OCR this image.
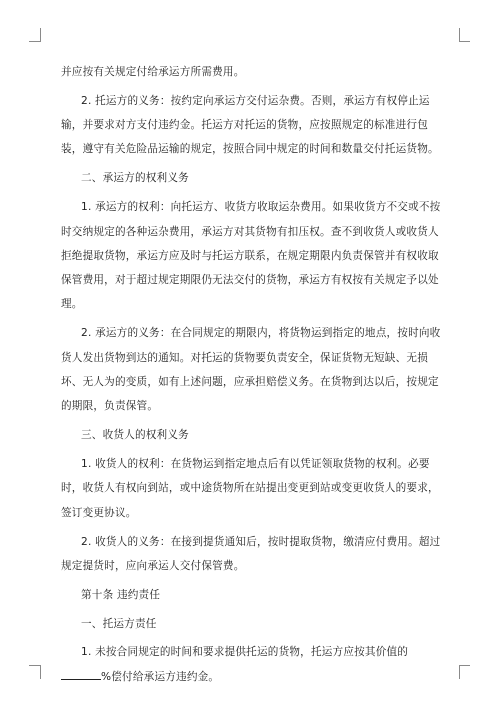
并应按有关规定付给承运方所需费用。

2. 托运方的义务：按约定向承运方交付运杂费。否则，承运方有权停止运输，并要求对方支付违约金。托运方对托运的货物，应按照规定的标准进行包装，遵守有关危险品运输的规定，按照合同中规定的时间和数量交付托运货物。

二、承运方的权利义务

1. 承运方的权利：向托运方、收货方收取运杂费用。如果收货方不交或不按时交纳规定的各种运杂费用，承运方对其货物有扣压权。查不到收货人或收货人拒绝提取货物，承运方应及时与托运方联系，在规定期限内负责保管并有权收取保管费用，对于超过规定期限仍无法交付的货物，承运方有权按有关规定予以处理。

2. 承运方的义务：在合同规定的期限内，将货物运到指定的地点，按时向收货人发出货物到达的通知。对托运的货物要负责安全，保证货物无短缺、无损坏、无人为的变质，如有上述问题，应承担赔偿义务。在货物到达以后，按规定的期限，负责保管。

三、收货人的权利义务

1. 收货人的权利：在货物运到指定地点后有以凭证领取货物的权利。必要时，收货人有权向到站，或中途货物所在站提出变更到站或变更收货人的要求，签订变更协议。

2. 收货人的义务：在接到提货通知后，按时提取货物，缴清应付费用。超过规定提货时，应向承运人交付保管费。

第十条 违约责任

一、托运方责任

1. 未按合同规定的时间和要求提供托运的货物，托运方应按其价值的%偿付给承运方违约金。
